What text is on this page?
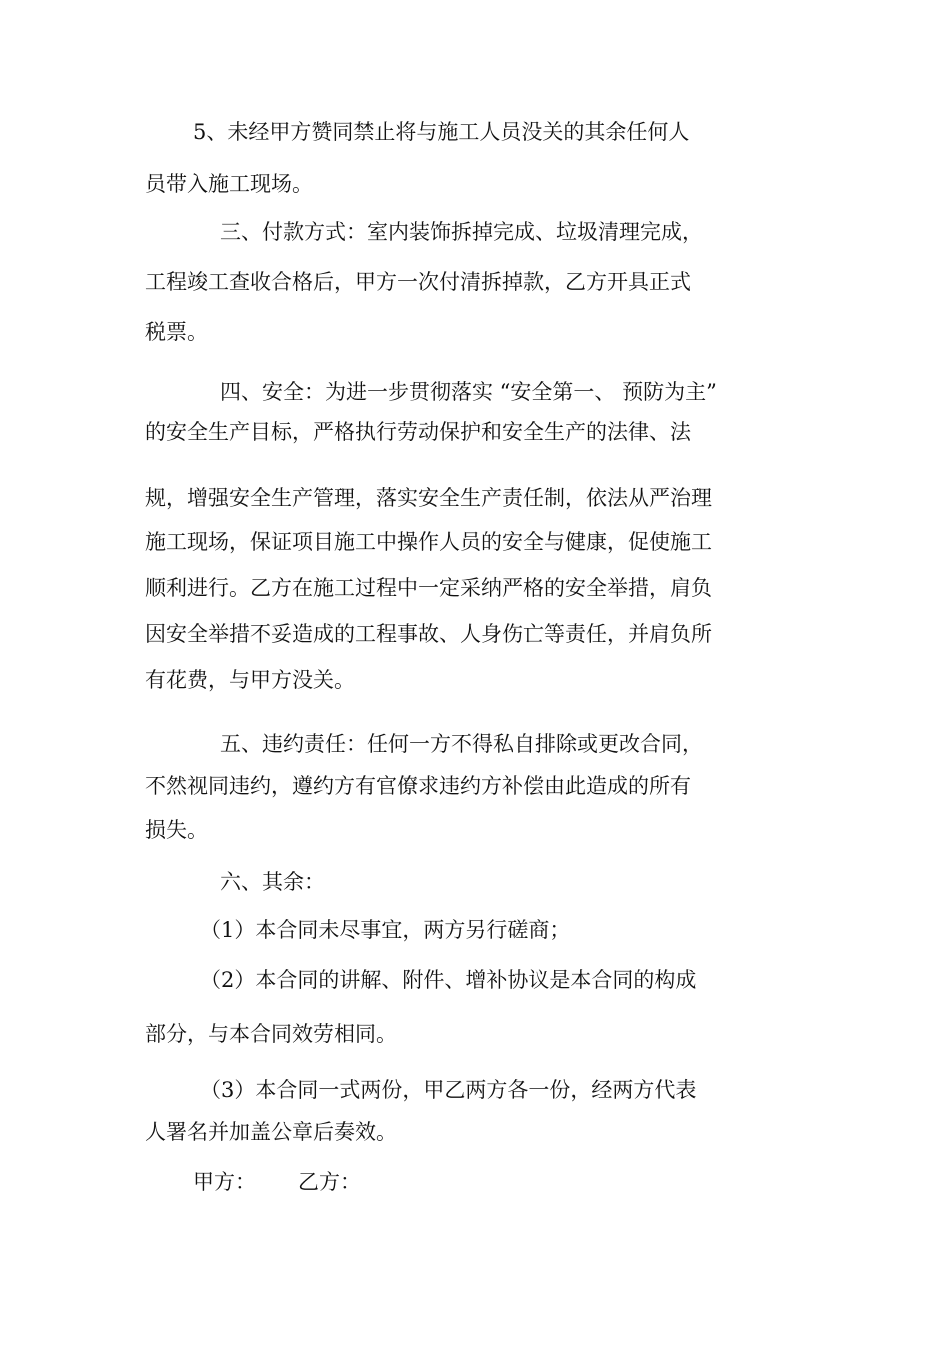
5、未经甲方赞同禁止将与施工人员没关的其余任何人
员带入施工现场。
三、付款方式：室内装饰拆掉完成、垃圾清理完成，
工程竣工查收合格后，甲方一次付清拆掉款，乙方开具正式
税票。
四、安全：为进一步贯彻落实 “安全第一、 预防为主”
的安全生产目标，严格执行劳动保护和安全生产的法律、法
规，增强安全生产管理，落实安全生产责任制，依法从严治理
施工现场，保证项目施工中操作人员的安全与健康，促使施工
顺利进行。乙方在施工过程中一定采纳严格的安全举措，肩负
因安全举措不妥造成的工程事故、人身伤亡等责任，并肩负所
有花费，与甲方没关。
五、违约责任：任何一方不得私自排除或更改合同，
不然视同违约，遵约方有官僚求违约方补偿由此造成的所有
损失。
六、其余：
（1）本合同未尽事宜，两方另行磋商；
（2）本合同的讲解、附件、增补协议是本合同的构成
部分，与本合同效劳相同。
（3）本合同一式两份，甲乙两方各一份，经两方代表
人署名并加盖公章后奏效。
甲方： 乙方：
